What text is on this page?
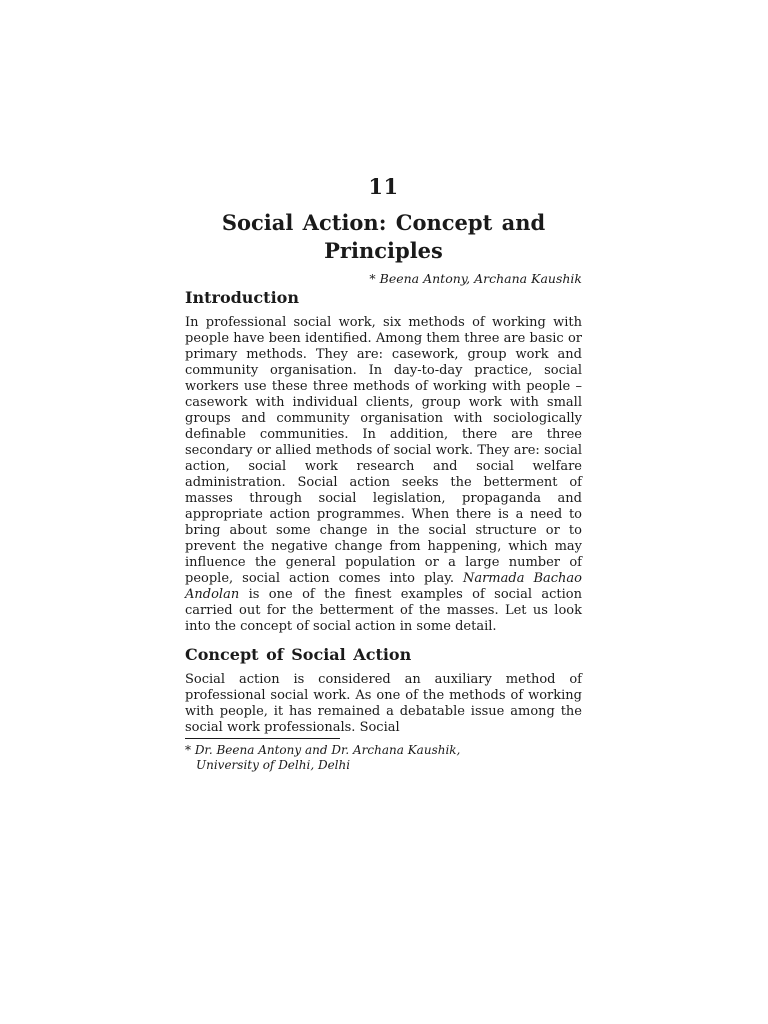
11
Social Action: Concept and Principles
* Beena Antony, Archana Kaushik
Introduction

In professional social work, six methods of working with people have been identified. Among them three are basic or primary methods. They are: casework, group work and community organisation. In day-to-day practice, social workers use these three methods of working with people – casework with individual clients, group work with small groups and community organisation with sociologically definable communities. In addition, there are three secondary or allied methods of social work. They are: social action, social work research and social welfare administration. Social action seeks the betterment of masses through social legislation, propaganda and appropriate action programmes. When there is a need to bring about some change in the social structure or to prevent the negative change from happening, which may influence the general population or a large number of people, social action comes into play. Narmada Bachao Andolan is one of the finest examples of social action carried out for the betterment of the masses. Let us look into the concept of social action in some detail.

Concept of Social Action

Social action is considered an auxiliary method of professional social work. As one of the methods of working with people, it has remained a debatable issue among the social work professionals. Social

* Dr. Beena Antony and Dr. Archana Kaushik,
University of Delhi, Delhi
